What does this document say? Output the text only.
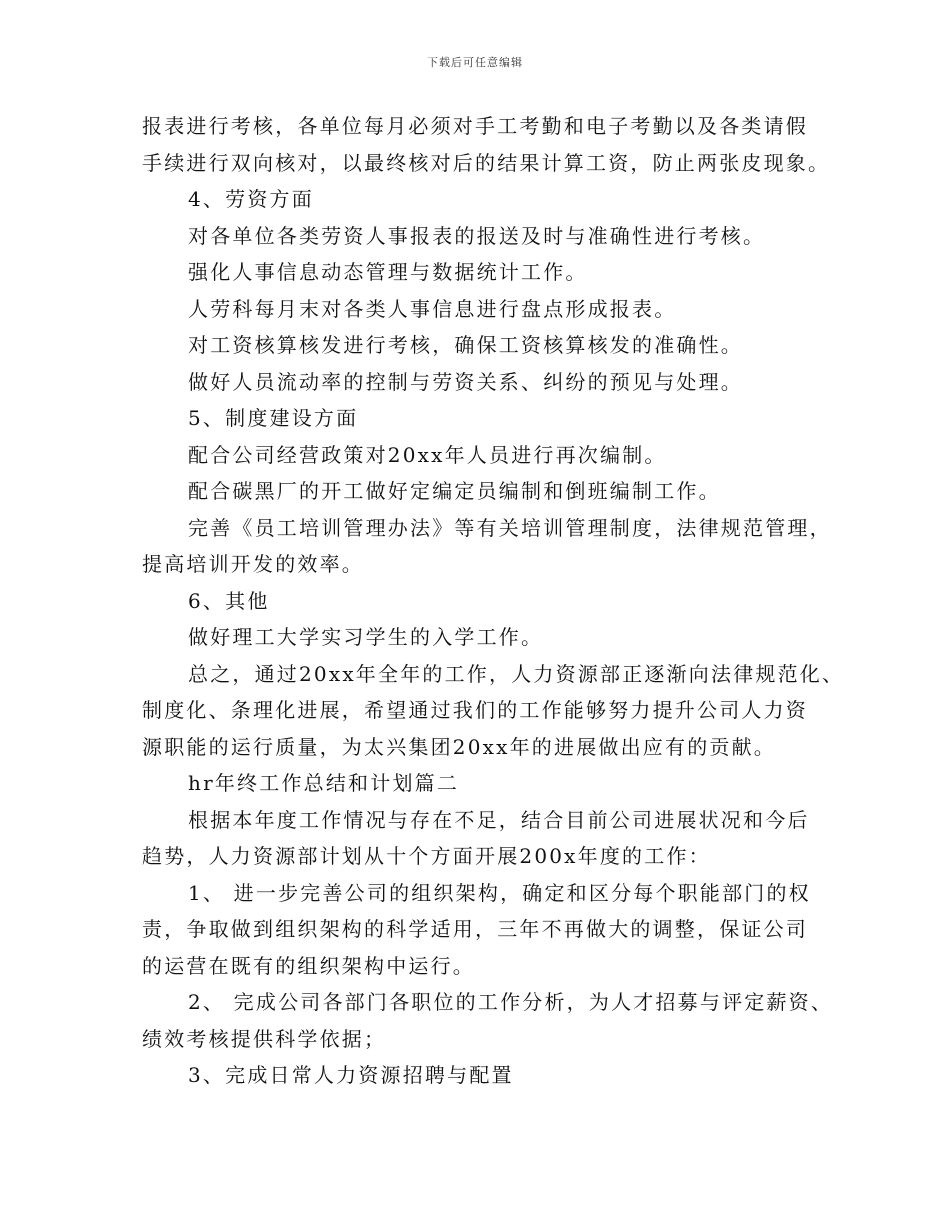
下载后可任意编辑
报表进行考核，各单位每月必须对手工考勤和电子考勤以及各类请假
手续进行双向核对，以最终核对后的结果计算工资，防止两张皮现象。
4、劳资方面
对各单位各类劳资人事报表的报送及时与准确性进行考核。
强化人事信息动态管理与数据统计工作。
人劳科每月末对各类人事信息进行盘点形成报表。
对工资核算核发进行考核，确保工资核算核发的准确性。
做好人员流动率的控制与劳资关系、纠纷的预见与处理。
5、制度建设方面
配合公司经营政策对20xx年人员进行再次编制。
配合碳黑厂的开工做好定编定员编制和倒班编制工作。
完善《员工培训管理办法》等有关培训管理制度，法律规范管理，
提高培训开发的效率。
6、其他
做好理工大学实习学生的入学工作。
总之，通过20xx年全年的工作，人力资源部正逐渐向法律规范化、
制度化、条理化进展，希望通过我们的工作能够努力提升公司人力资
源职能的运行质量，为太兴集团20xx年的进展做出应有的贡献。
hr年终工作总结和计划篇二
根据本年度工作情况与存在不足，结合目前公司进展状况和今后
趋势，人力资源部计划从十个方面开展200x年度的工作：
1、 进一步完善公司的组织架构，确定和区分每个职能部门的权
责，争取做到组织架构的科学适用，三年不再做大的调整，保证公司
的运营在既有的组织架构中运行。
2、 完成公司各部门各职位的工作分析，为人才招募与评定薪资、
绩效考核提供科学依据；
3、完成日常人力资源招聘与配置
